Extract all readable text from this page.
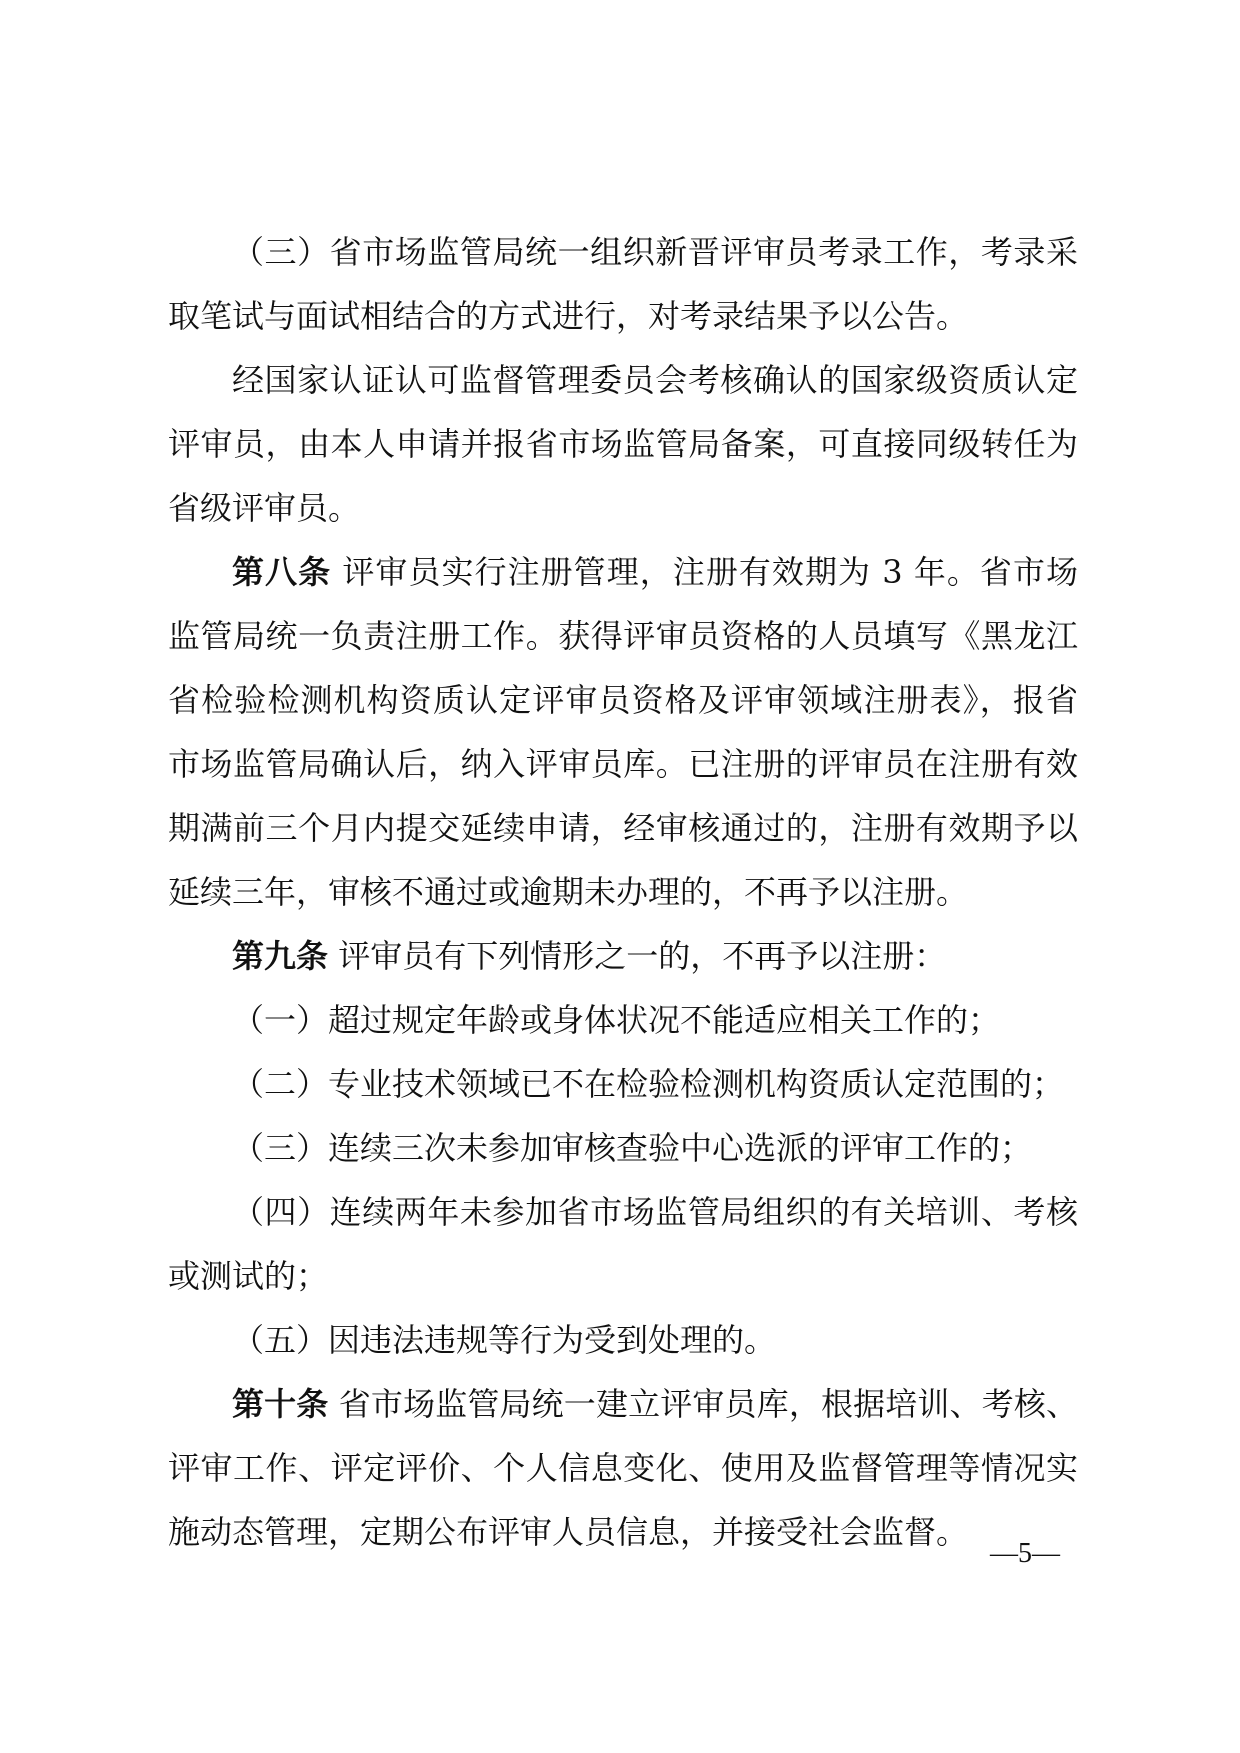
（三）省市场监管局统一组织新晋评审员考录工作，考录采取笔试与面试相结合的方式进行，对考录结果予以公告。

经国家认证认可监督管理委员会考核确认的国家级资质认定评审员，由本人申请并报省市场监管局备案，可直接同级转任为省级评审员。

第八条 评审员实行注册管理，注册有效期为 3 年。省市场监管局统一负责注册工作。获得评审员资格的人员填写《黑龙江省检验检测机构资质认定评审员资格及评审领域注册表》，报省市场监管局确认后，纳入评审员库。已注册的评审员在注册有效期满前三个月内提交延续申请，经审核通过的，注册有效期予以延续三年，审核不通过或逾期未办理的，不再予以注册。

第九条 评审员有下列情形之一的，不再予以注册：

（一）超过规定年龄或身体状况不能适应相关工作的；

（二）专业技术领域已不在检验检测机构资质认定范围的；

（三）连续三次未参加审核查验中心选派的评审工作的；

（四）连续两年未参加省市场监管局组织的有关培训、考核或测试的；

（五）因违法违规等行为受到处理的。

第十条 省市场监管局统一建立评审员库，根据培训、考核、评审工作、评定评价、个人信息变化、使用及监督管理等情况实施动态管理，定期公布评审人员信息，并接受社会监督。

—5—
